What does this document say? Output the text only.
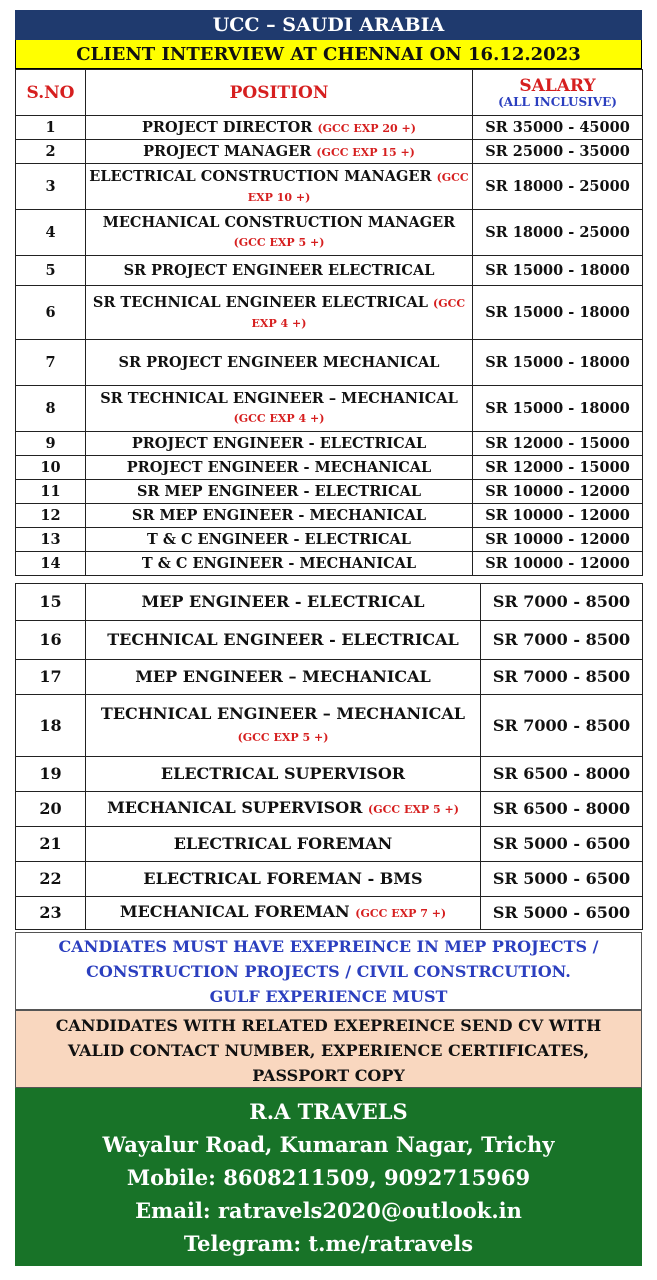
UCC – SAUDI ARABIA
CLIENT INTERVIEW AT CHENNAI ON 16.12.2023
S.NO	POSITION	SALARY
(ALL INCLUSIVE)

1	PROJECT DIRECTOR (GCC EXP 20 +)	SR 35000 - 45000
2	PROJECT MANAGER (GCC EXP 15 +)	SR 25000 - 35000
3	ELECTRICAL CONSTRUCTION MANAGER (GCC EXP 10 +)	SR 18000 - 25000
4	MECHANICAL CONSTRUCTION MANAGER (GCC EXP 5 +)	SR 18000 - 25000
5	SR PROJECT ENGINEER ELECTRICAL	SR 15000 - 18000
6	SR TECHNICAL ENGINEER ELECTRICAL (GCC EXP 4 +)	SR 15000 - 18000
7	SR PROJECT ENGINEER MECHANICAL	SR 15000 - 18000
8	SR TECHNICAL ENGINEER – MECHANICAL (GCC EXP 4 +)	SR 15000 - 18000
9	PROJECT ENGINEER - ELECTRICAL	SR 12000 - 15000
10	PROJECT ENGINEER - MECHANICAL	SR 12000 - 15000
11	SR MEP ENGINEER - ELECTRICAL	SR 10000 - 12000
12	SR MEP ENGINEER - MECHANICAL	SR 10000 - 12000
13	T & C ENGINEER - ELECTRICAL	SR 10000 - 12000
14	T & C ENGINEER - MECHANICAL	SR 10000 - 12000
15	MEP ENGINEER - ELECTRICAL	SR 7000 - 8500
16	TECHNICAL ENGINEER - ELECTRICAL	SR 7000 - 8500
17	MEP ENGINEER – MECHANICAL	SR 7000 - 8500
18	TECHNICAL ENGINEER – MECHANICAL (GCC EXP 5 +)	SR 7000 - 8500
19	ELECTRICAL SUPERVISOR	SR 6500 - 8000
20	MECHANICAL SUPERVISOR (GCC EXP 5 +)	SR 6500 - 8000
21	ELECTRICAL FOREMAN	SR 5000 - 6500
22	ELECTRICAL FOREMAN - BMS	SR 5000 - 6500
23	MECHANICAL FOREMAN (GCC EXP 7 +)	SR 5000 - 6500
CANDIATES MUST HAVE EXEPREINCE IN MEP PROJECTS /
CONSTRUCTION PROJECTS / CIVIL CONSTRCUTION.
GULF EXPERIENCE MUST
CANDIDATES WITH RELATED EXEPREINCE SEND CV WITH
VALID CONTACT NUMBER, EXPERIENCE CERTIFICATES,
PASSPORT COPY
R.A TRAVELS
Wayalur Road, Kumaran Nagar, Trichy
Mobile: 8608211509, 9092715969
Email: ratravels2020@outlook.in
Telegram: t.me/ratravels
